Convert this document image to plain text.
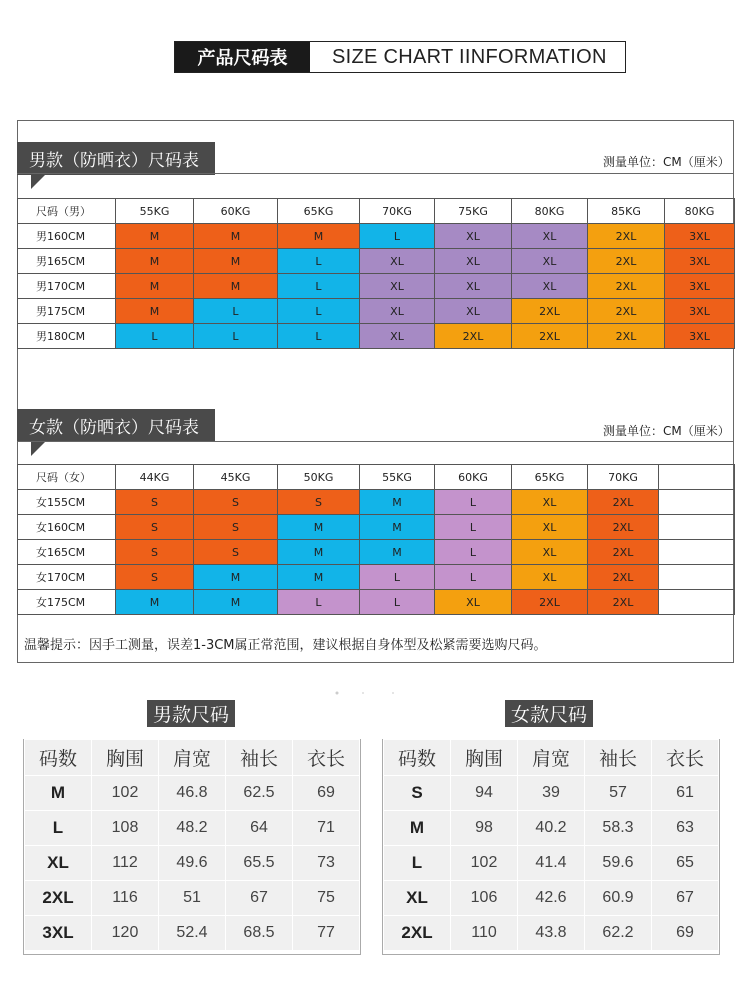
产品尺码表	SIZE CHART IINFORMATION
男款（防晒衣）尺码表	测量单位：CM（厘米）
尺码（男）	55KG	60KG	65KG	70KG	75KG	80KG	85KG	80KG
男160CM	M	M	M	L	XL	XL	2XL	3XL
男165CM	M	M	L	XL	XL	XL	2XL	3XL
男170CM	M	M	L	XL	XL	XL	2XL	3XL
男175CM	M	L	L	XL	XL	2XL	2XL	3XL
男180CM	L	L	L	XL	2XL	2XL	2XL	3XL
女款（防晒衣）尺码表	测量单位：CM（厘米）
尺码（女）	44KG	45KG	50KG	55KG	60KG	65KG	70KG	
女155CM	S	S	S	M	L	XL	2XL	
女160CM	S	S	M	M	L	XL	2XL	
女165CM	S	S	M	M	L	XL	2XL	
女170CM	S	M	M	L	L	XL	2XL	
女175CM	M	M	L	L	XL	2XL	2XL	
温馨提示：因手工测量，误差1-3CM属正常范围，建议根据自身体型及松紧需要选购尺码。
男款尺码	女款尺码
码数	胸围	肩宽	袖长	衣长
M	102	46.8	62.5	69
L	108	48.2	64	71
XL	112	49.6	65.5	73
2XL	116	51	67	75
3XL	120	52.4	68.5	77
码数	胸围	肩宽	袖长	衣长
S	94	39	57	61
M	98	40.2	58.3	63
L	102	41.4	59.6	65
XL	106	42.6	60.9	67
2XL	110	43.8	62.2	69
